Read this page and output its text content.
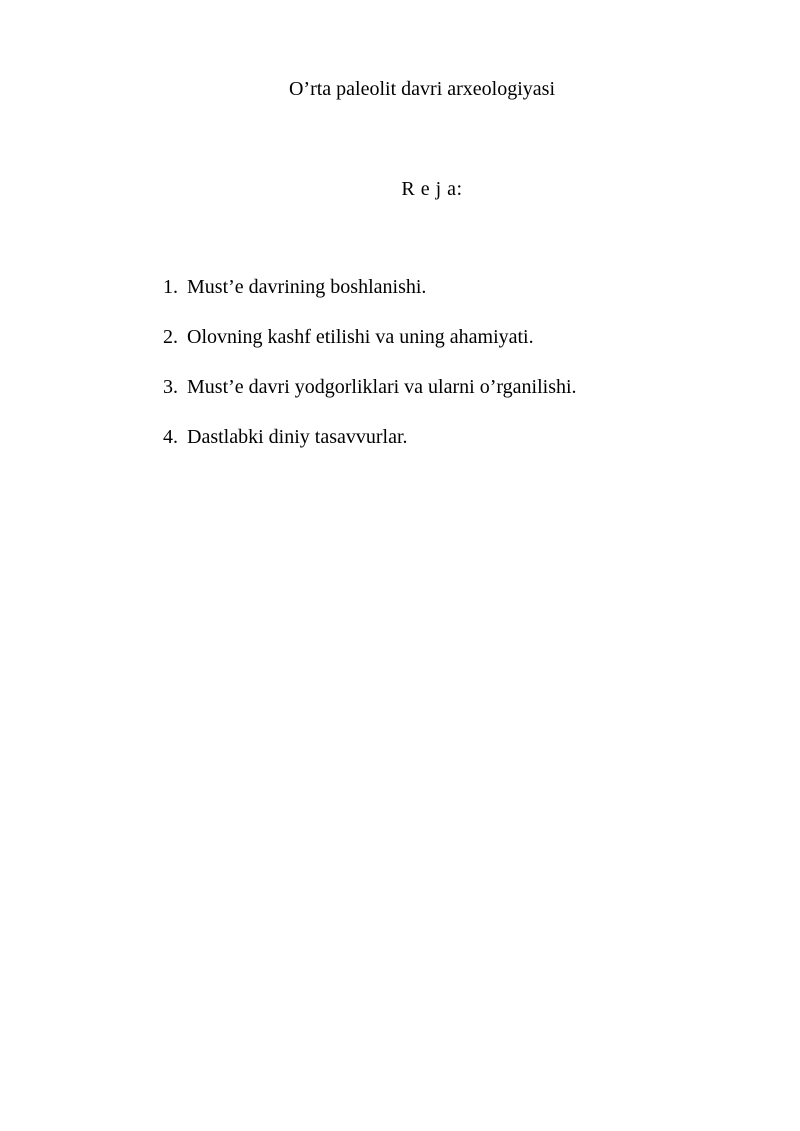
O’rta paleolit davri arxeologiyasi
R e j a:
1. Must’e davrining boshlanishi.
2. Olovning kashf etilishi va uning ahamiyati.
3. Must’e davri yodgorliklari va ularni o’rganilishi.
4. Dastlabki diniy tasavvurlar.
